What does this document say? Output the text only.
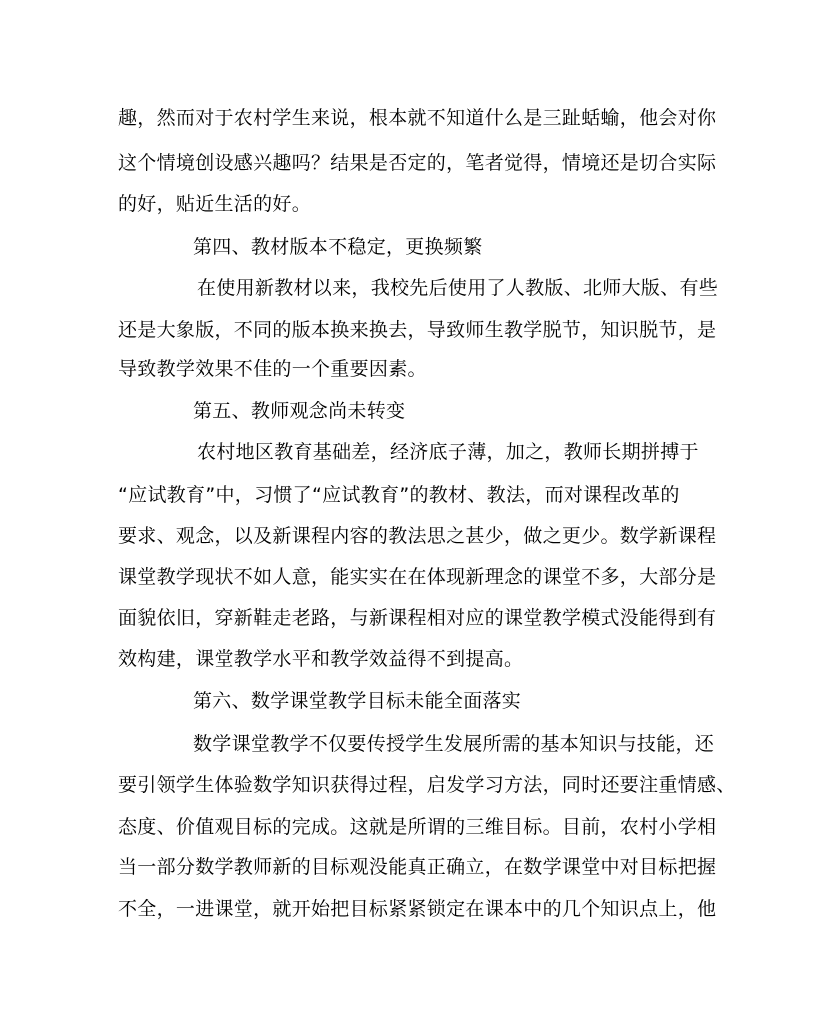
趣，然而对于农村学生来说，根本就不知道什么是三趾蛞蝓，他会对你
这个情境创设感兴趣吗？结果是否定的，笔者觉得，情境还是切合实际
的好，贴近生活的好。
第四、教材版本不稳定，更换频繁
在使用新教材以来，我校先后使用了人教版、北师大版、有些
还是大象版，不同的版本换来换去，导致师生教学脱节，知识脱节，是
导致教学效果不佳的一个重要因素。
第五、教师观念尚未转变
农村地区教育基础差，经济底子薄，加之，教师长期拼搏于
“应试教育”中，习惯了“应试教育”的教材、教法，而对课程改革的
要求、观念，以及新课程内容的教法思之甚少，做之更少。数学新课程
课堂教学现状不如人意，能实实在在体现新理念的课堂不多，大部分是
面貌依旧，穿新鞋走老路，与新课程相对应的课堂教学模式没能得到有
效构建，课堂教学水平和教学效益得不到提高。
第六、数学课堂教学目标未能全面落实
数学课堂教学不仅要传授学生发展所需的基本知识与技能，还
要引领学生体验数学知识获得过程，启发学习方法，同时还要注重情感、
态度、价值观目标的完成。这就是所谓的三维目标。目前，农村小学相
当一部分数学教师新的目标观没能真正确立，在数学课堂中对目标把握
不全，一进课堂，就开始把目标紧紧锁定在课本中的几个知识点上，他
